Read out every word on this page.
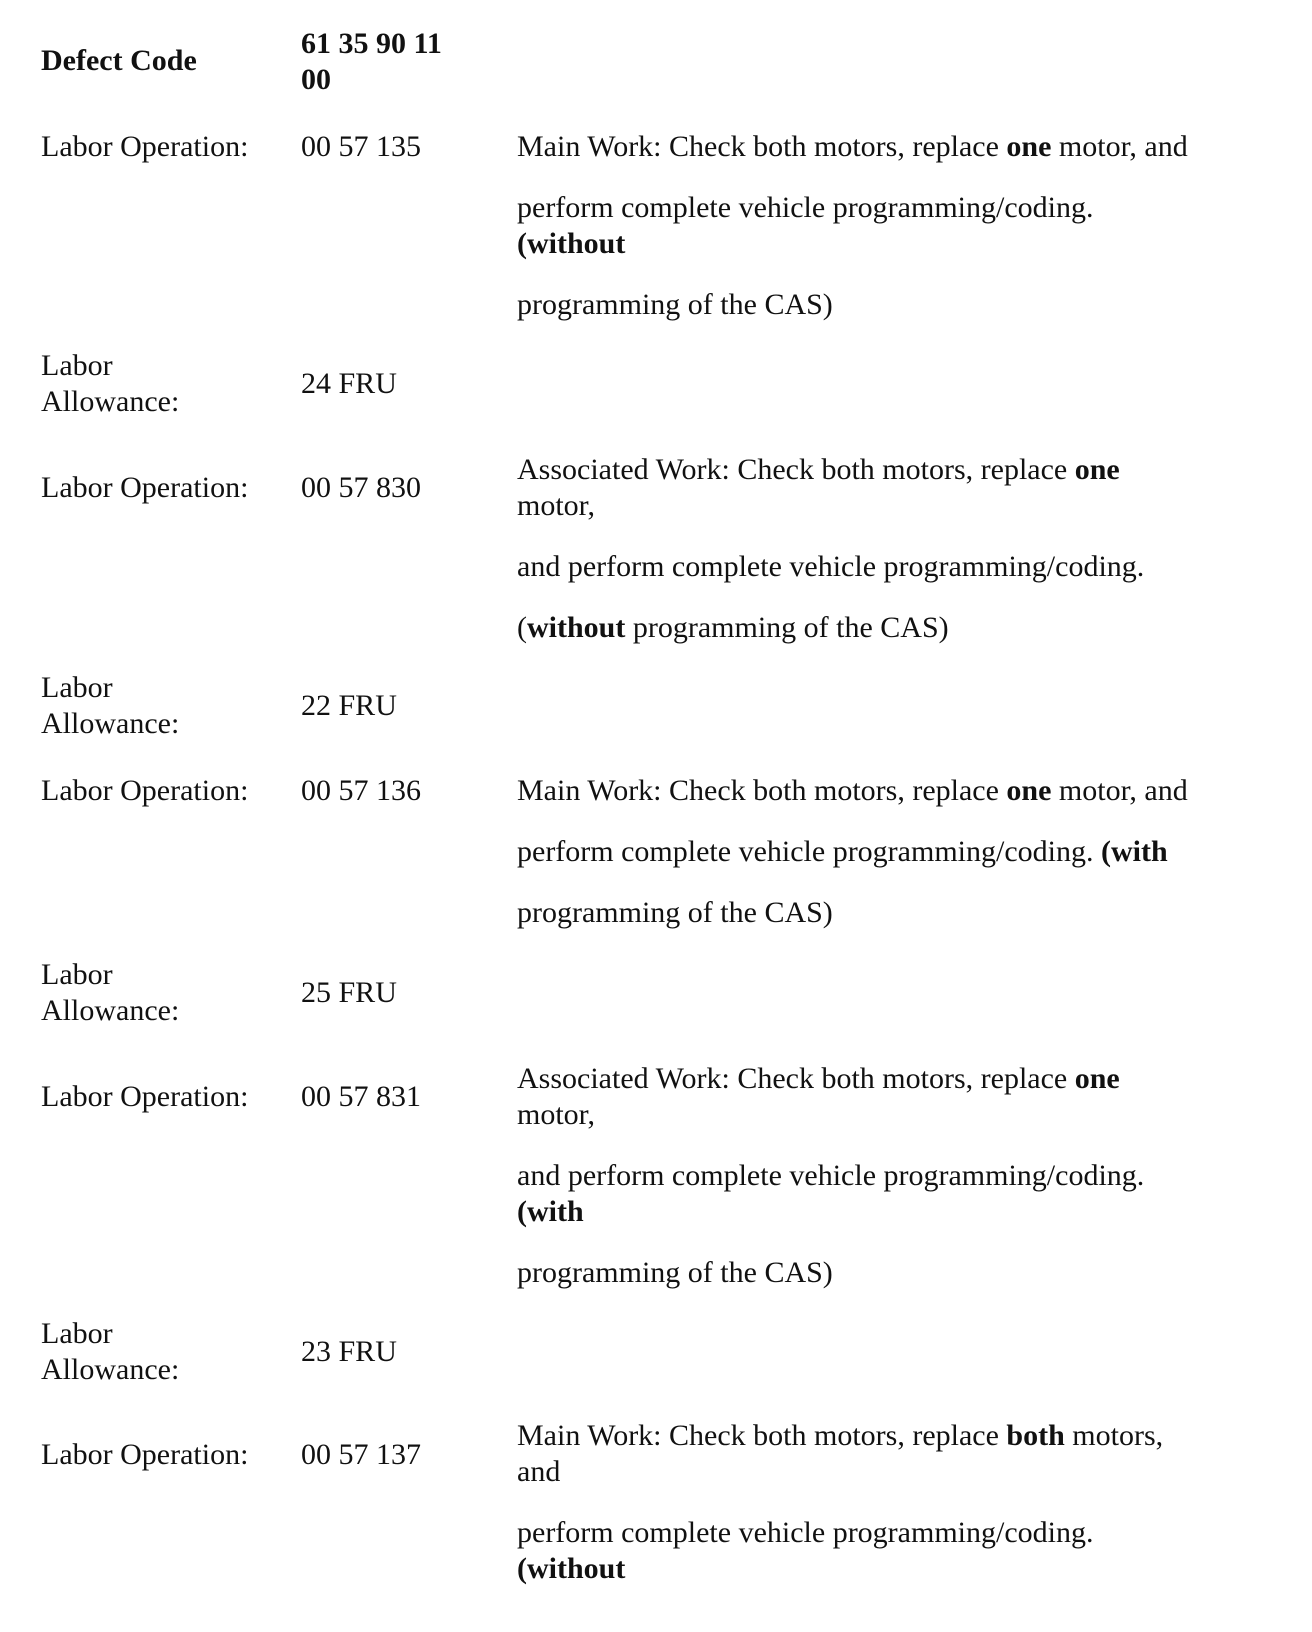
Defect Code

61 35 90 11

00

Labor Operation: 00 57 135	Main Work: Check both motors, replace one motor, and

perform complete vehicle programming/coding.

(without

programming of the CAS)

Labor

Allowance:

24 FRU

Labor Operation: 00 57 830

Associated Work: Check both motors, replace one

motor,

and perform complete vehicle programming/coding.

(without programming of the CAS)

Labor

Allowance:

22 FRU

Labor Operation: 00 57 136	Main Work: Check both motors, replace one motor, and

perform complete vehicle programming/coding. (with

programming of the CAS)

Labor

Allowance:

25 FRU

Labor Operation: 00 57 831

Associated Work: Check both motors, replace one

motor,

and perform complete vehicle programming/coding.

(with

programming of the CAS)

Labor

Allowance:

23 FRU

Labor Operation: 00 57 137

Main Work: Check both motors, replace both motors,

and

perform complete vehicle programming/coding.

(without
